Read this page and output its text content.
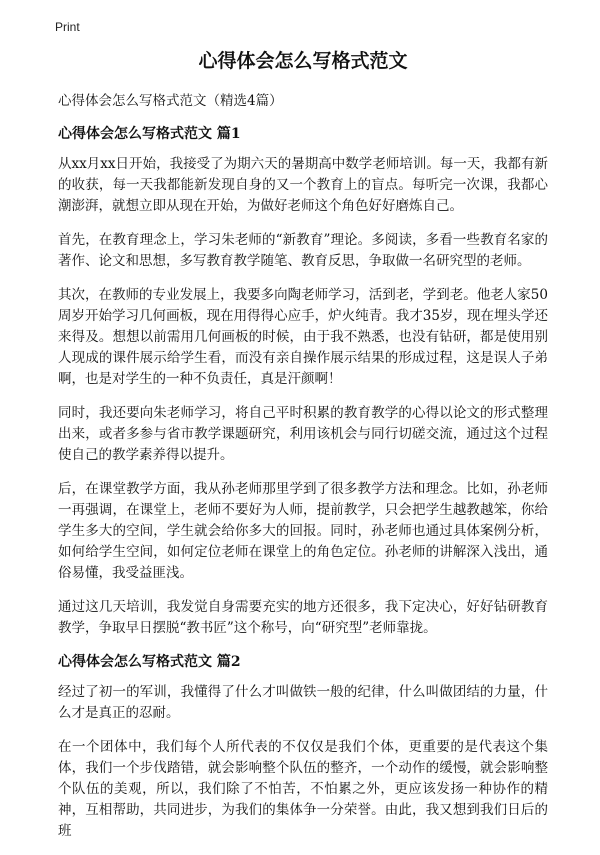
Print
心得体会怎么写格式范文
心得体会怎么写格式范文（精选4篇）
心得体会怎么写格式范文 篇1

从xx月xx日开始，我接受了为期六天的暑期高中数学老师培训。每一天，我都有新的收获，每一天我都能新发现自身的又一个教育上的盲点。每听完一次课，我都心潮澎湃，就想立即从现在开始，为做好老师这个角色好好磨炼自己。

首先，在教育理念上，学习朱老师的“新教育”理论。多阅读，多看一些教育名家的著作、论文和思想，多写教育教学随笔、教育反思，争取做一名研究型的老师。

其次，在教师的专业发展上，我要多向陶老师学习，活到老，学到老。他老人家50周岁开始学习几何画板，现在用得得心应手，炉火纯青。我才35岁，现在埋头学还来得及。想想以前需用几何画板的时候，由于我不熟悉，也没有钻研，都是使用别人现成的课件展示给学生看，而没有亲自操作展示结果的形成过程，这是误人子弟啊，也是对学生的一种不负责任，真是汗颜啊！

同时，我还要向朱老师学习，将自己平时积累的教育教学的心得以论文的形式整理出来，或者多参与省市教学课题研究，利用该机会与同行切磋交流，通过这个过程使自己的教学素养得以提升。

后，在课堂教学方面，我从孙老师那里学到了很多教学方法和理念。比如，孙老师一再强调，在课堂上，老师不要好为人师，提前教学，只会把学生越教越笨，你给学生多大的空间，学生就会给你多大的回报。同时，孙老师也通过具体案例分析，如何给学生空间，如何定位老师在课堂上的角色定位。孙老师的讲解深入浅出，通俗易懂，我受益匪浅。

通过这几天培训，我发觉自身需要充实的地方还很多，我下定决心，好好钻研教育教学，争取早日摆脱“教书匠”这个称号，向“研究型”老师靠拢。

心得体会怎么写格式范文 篇2

经过了初一的军训，我懂得了什么才叫做铁一般的纪律，什么叫做团结的力量，什么才是真正的忍耐。

在一个团体中，我们每个人所代表的不仅仅是我们个体，更重要的是代表这个集体，我们一个步伐踏错，就会影响整个队伍的整齐，一个动作的缓慢，就会影响整个队伍的美观，所以，我们除了不怕苦，不怕累之外，更应该发扬一种协作的精神，互相帮助，共同进步，为我们的集体争一分荣誉。由此，我又想到我们日后的班
